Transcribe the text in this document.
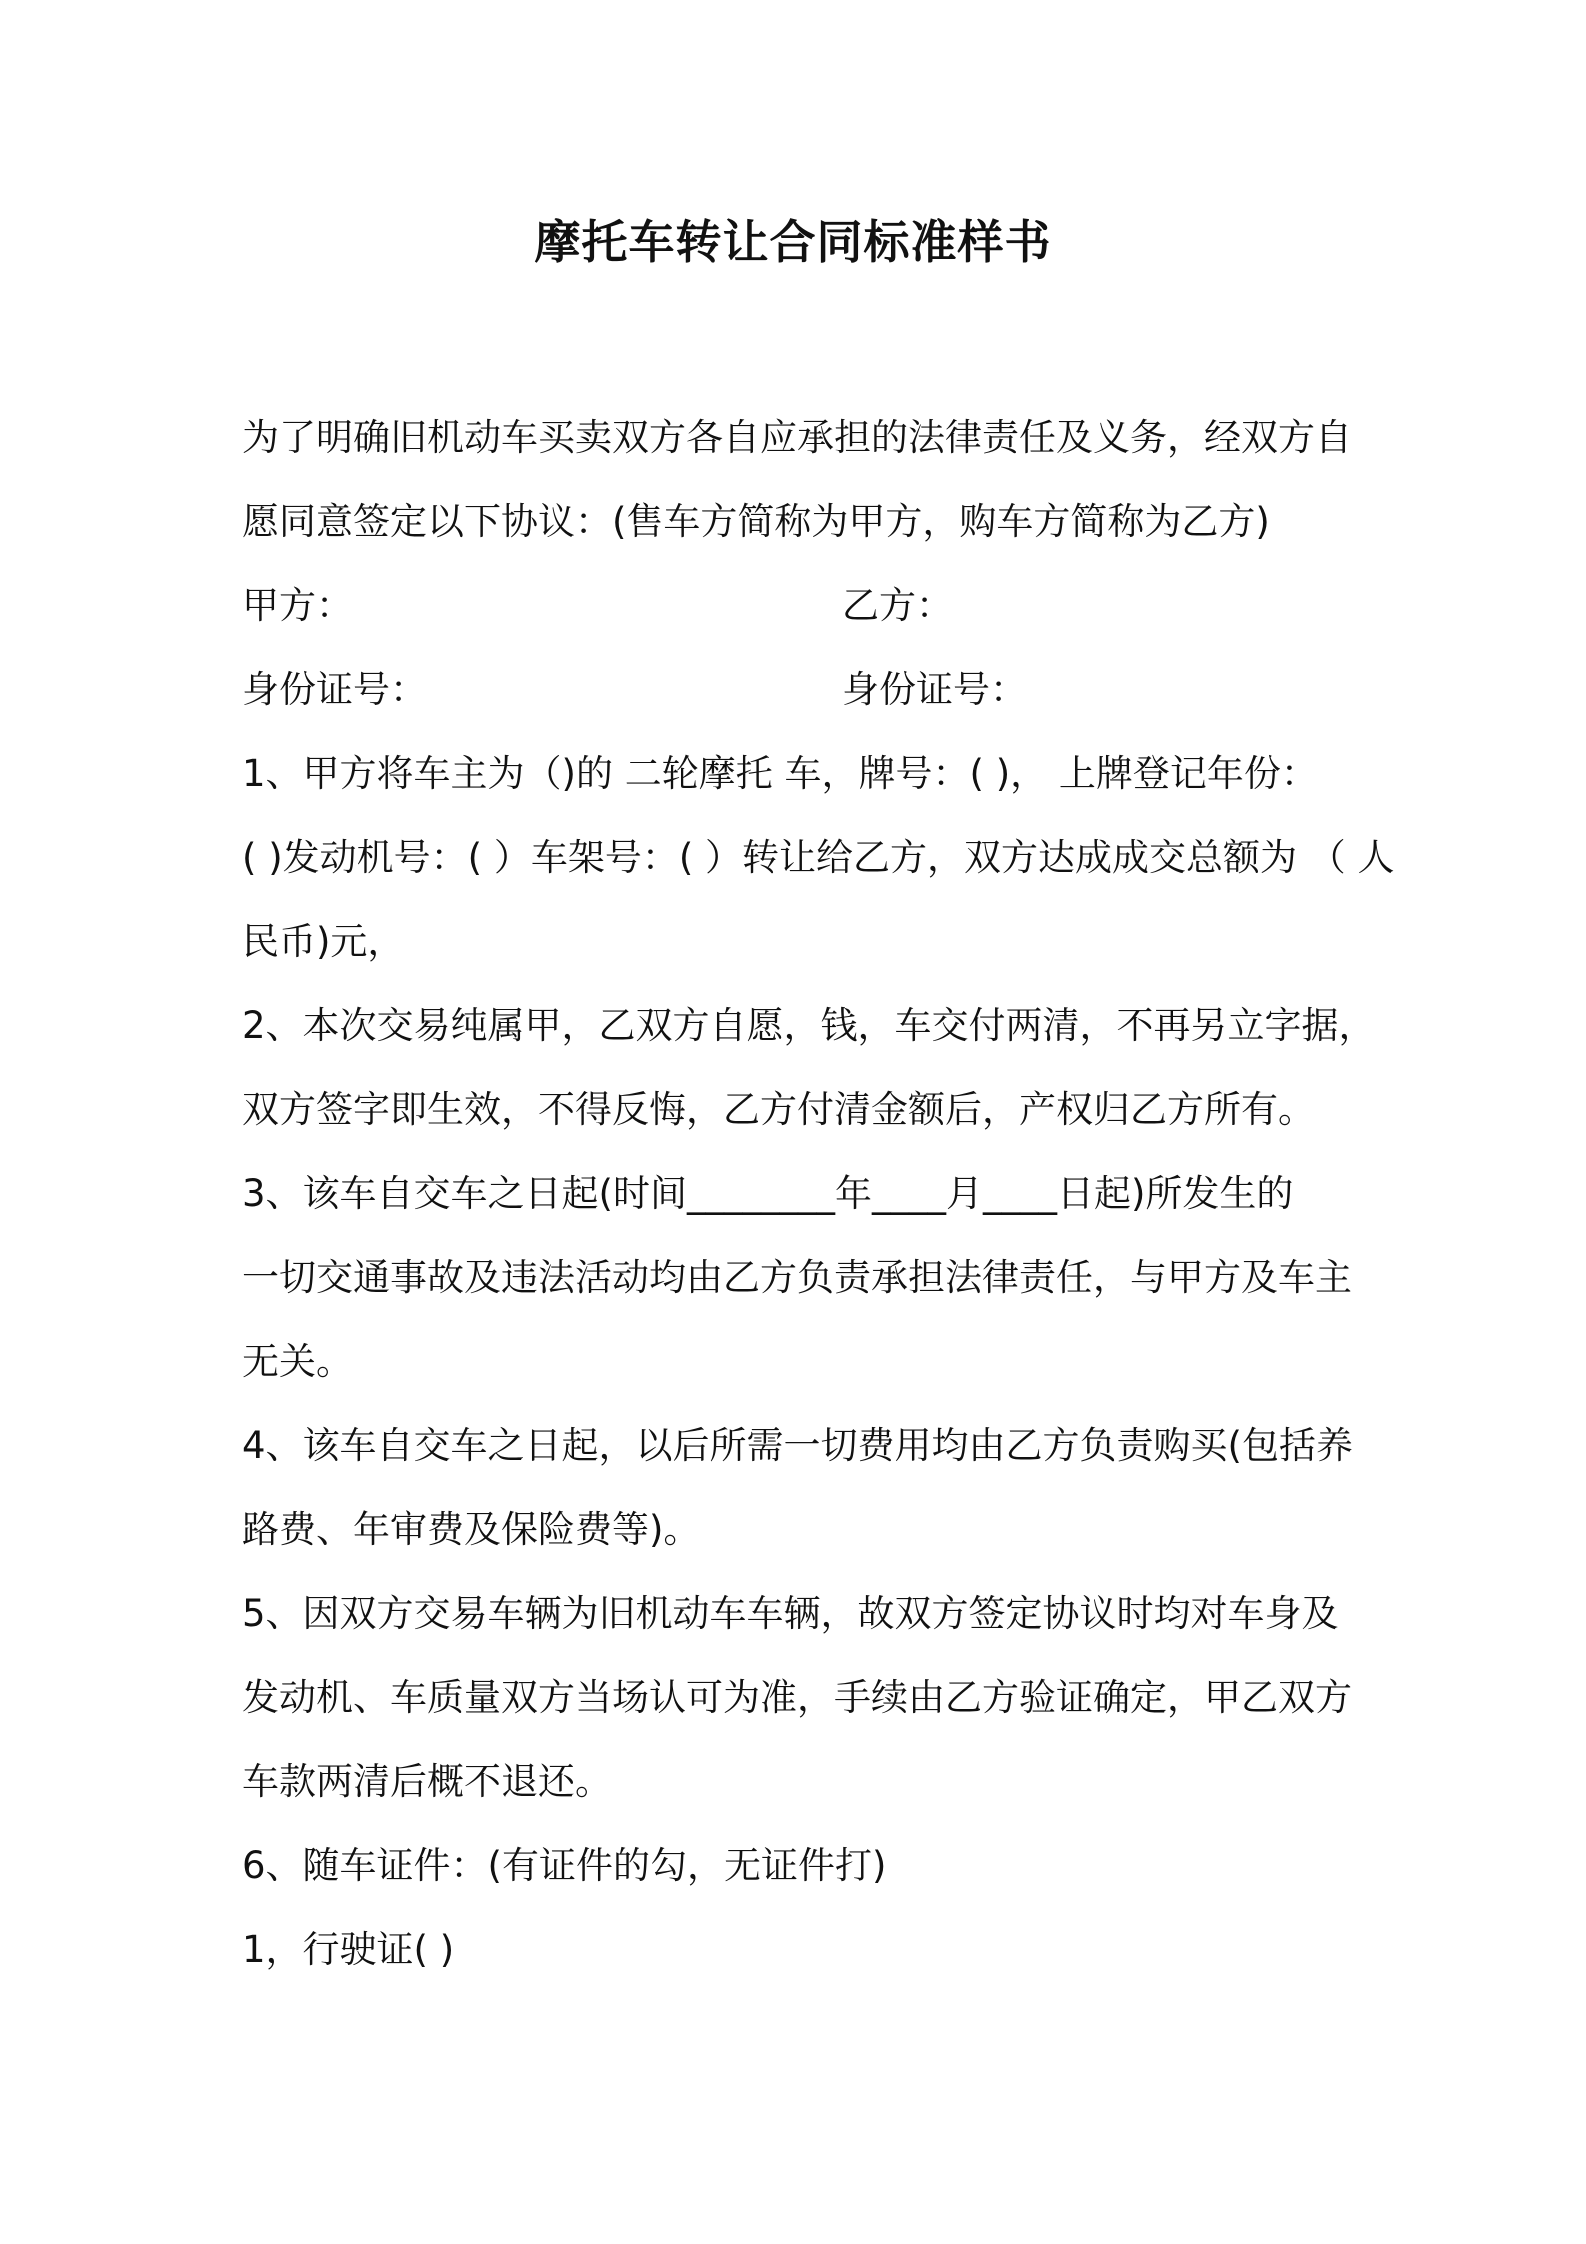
摩托车转让合同标准样书
为了明确旧机动车买卖双方各自应承担的法律责任及义务，经双方自
愿同意签定以下协议：(售车方简称为甲方，购车方简称为乙方)
甲方：	乙方：
身份证号：	身份证号：
1、甲方将车主为（)的 二轮摩托 车，牌号：( )， 上牌登记年份：
( )发动机号：( ）车架号：( ）转让给乙方，双方达成成交总额为 （ 人
民币)元，
2、本次交易纯属甲，乙双方自愿，钱，车交付两清，不再另立字据，
双方签字即生效，不得反悔，乙方付清金额后，产权归乙方所有。
3、该车自交车之日起(时间________年____月____日起)所发生的
一切交通事故及违法活动均由乙方负责承担法律责任，与甲方及车主
无关。
4、该车自交车之日起，以后所需一切费用均由乙方负责购买(包括养
路费、年审费及保险费等)。
5、因双方交易车辆为旧机动车车辆，故双方签定协议时均对车身及
发动机、车质量双方当场认可为准，手续由乙方验证确定，甲乙双方
车款两清后概不退还。
6、随车证件：(有证件的勾，无证件打)
1，行驶证( )
